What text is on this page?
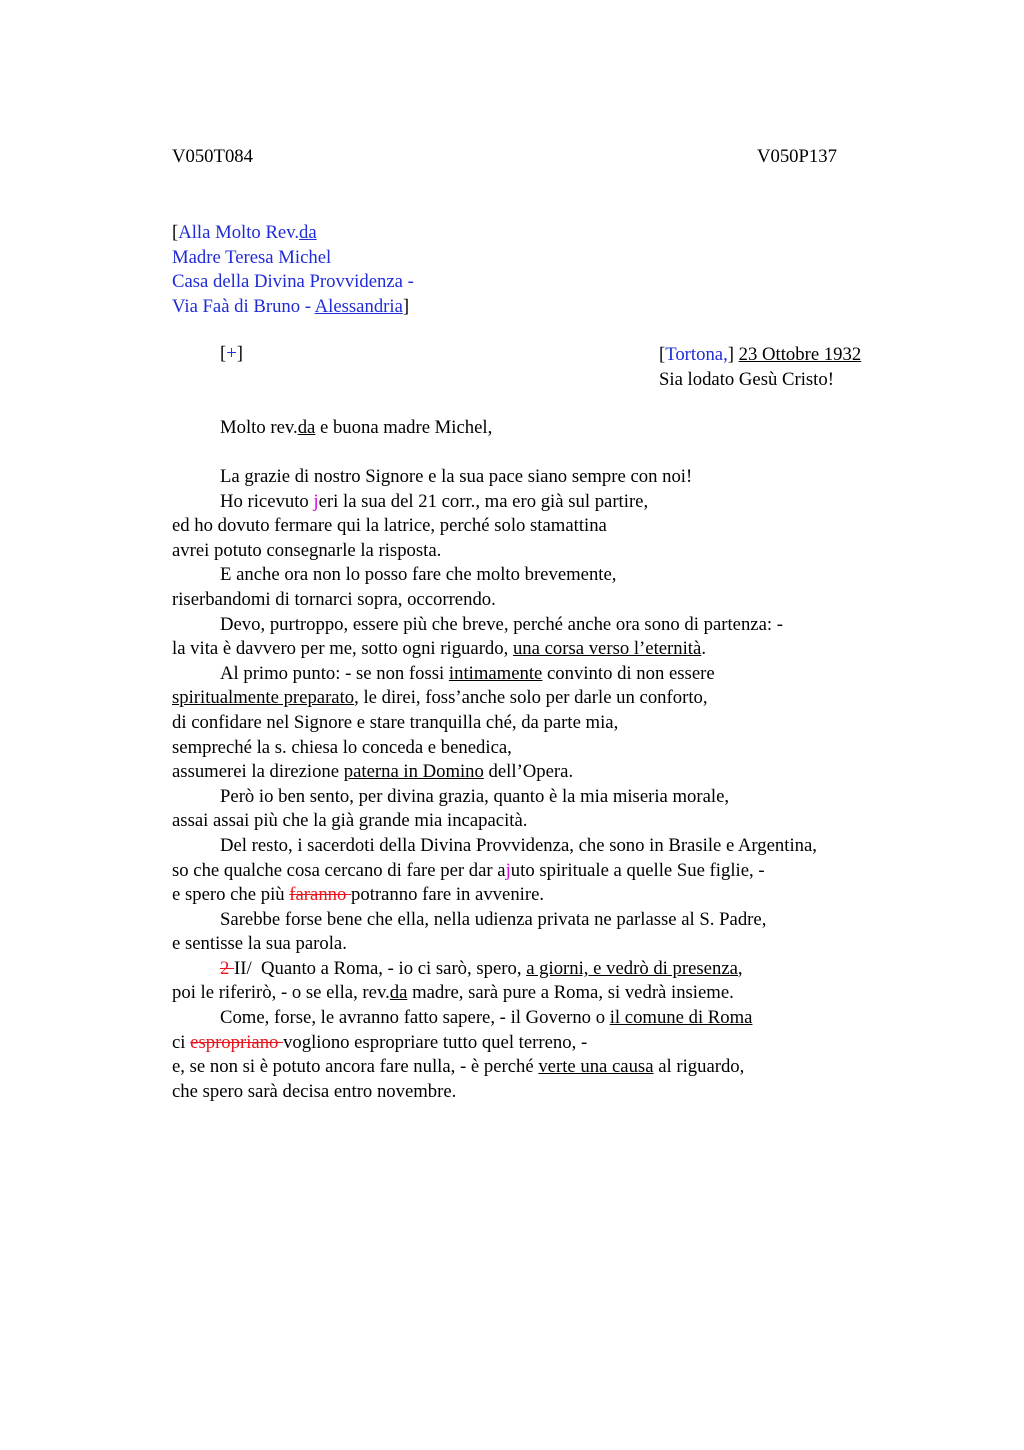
V050T084	V050P137
[Alla Molto Rev.da
Madre Teresa Michel
Casa della Divina Provvidenza -
Via Faà di Bruno - Alessandria]
[+]	[Tortona,] 23 Ottobre 1932
Sia lodato Gesù Cristo!
Molto rev.da e buona madre Michel,
La grazie di nostro Signore e la sua pace siano sempre con noi!
Ho ricevuto jeri la sua del 21 corr., ma ero già sul partire,
ed ho dovuto fermare qui la latrice, perché solo stamattina
avrei potuto consegnarle la risposta.
E anche ora non lo posso fare che molto brevemente,
riserbandomi di tornarci sopra, occorrendo.
Devo, purtroppo, essere più che breve, perché anche ora sono di partenza: -
la vita è davvero per me, sotto ogni riguardo, una corsa verso l’eternità.
Al primo punto: - se non fossi intimamente convinto di non essere
spiritualmente preparato, le direi, foss’anche solo per darle un conforto,
di confidare nel Signore e stare tranquilla ché, da parte mia,
sempreché la s. chiesa lo conceda e benedica,
assumerei la direzione paterna in Domino dell’Opera.
Però io ben sento, per divina grazia, quanto è la mia miseria morale,
assai assai più che la già grande mia incapacità.
Del resto, i sacerdoti della Divina Provvidenza, che sono in Brasile e Argentina,
so che qualche cosa cercano di fare per dar ajuto spirituale a quelle Sue figlie, -
e spero che più faranno potranno fare in avvenire.
Sarebbe forse bene che ella, nella udienza privata ne parlasse al S. Padre,
e sentisse la sua parola.
2 II/  Quanto a Roma, - io ci sarò, spero, a giorni, e vedrò di presenza,
poi le riferirò, - o se ella, rev.da madre, sarà pure a Roma, si vedrà insieme.
Come, forse, le avranno fatto sapere, - il Governo o il comune di Roma
ci espropriano vogliono espropriare tutto quel terreno, -
e, se non si è potuto ancora fare nulla, - è perché verte una causa al riguardo,
che spero sarà decisa entro novembre.
